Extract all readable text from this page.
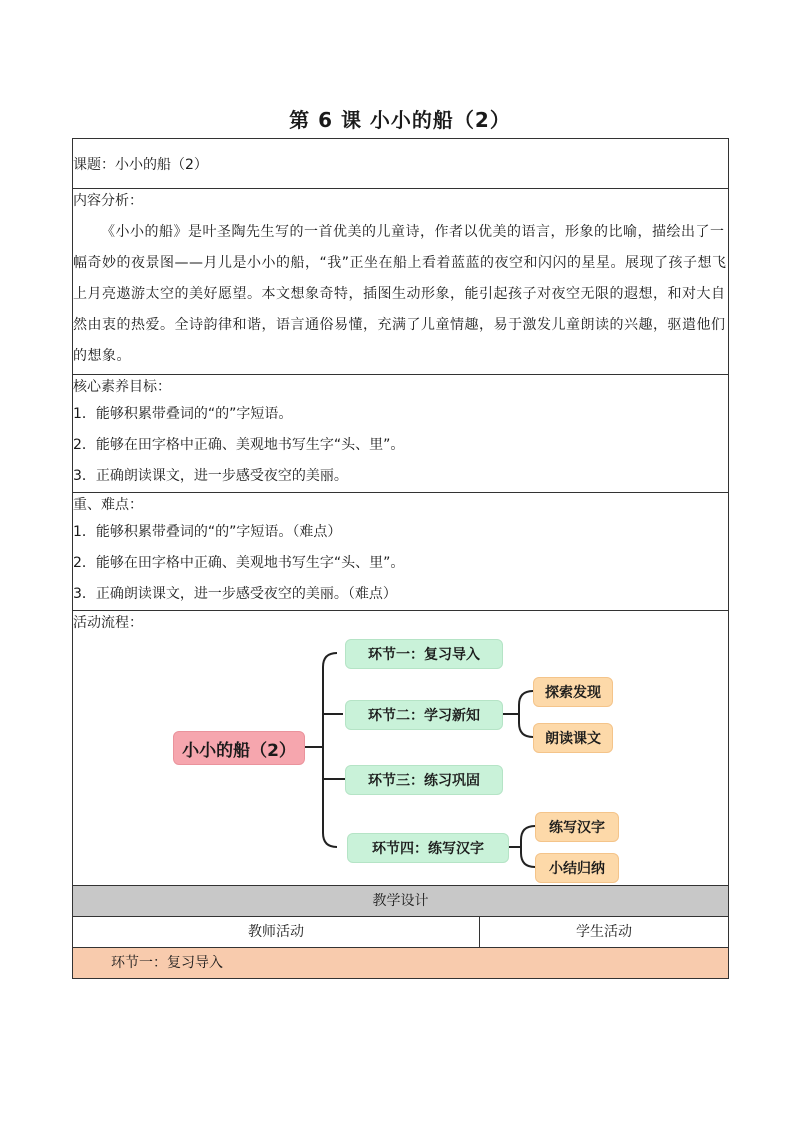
第 6 课 小小的船（2）
课题：小小的船（2）

内容分析：
《小小的船》是叶圣陶先生写的一首优美的儿童诗，作者以优美的语言，形象的比喻，描绘出了一幅奇妙的夜景图——月儿是小小的船，“我”正坐在船上看着蓝蓝的夜空和闪闪的星星。展现了孩子想飞上月亮遨游太空的美好愿望。本文想象奇特，插图生动形象，能引起孩子对夜空无限的遐想，和对大自然由衷的热爱。全诗韵律和谐，语言通俗易懂，充满了儿童情趣，易于激发儿童朗读的兴趣，驱遣他们的想象。

核心素养目标：
1．能够积累带叠词的“的”字短语。
2．能够在田字格中正确、美观地书写生字“头、里”。
3．正确朗读课文，进一步感受夜空的美丽。

重、难点：
1．能够积累带叠词的“的”字短语。（难点）
2．能够在田字格中正确、美观地书写生字“头、里”。
3．正确朗读课文，进一步感受夜空的美丽。（难点）

活动流程：
小小的船（2）
环节一：复习导入
环节二：学习新知
环节三：练习巩固
环节四：练写汉字
探索发现
朗读课文
练写汉字
小结归纳

教学设计
教师活动	学生活动
环节一：复习导入
